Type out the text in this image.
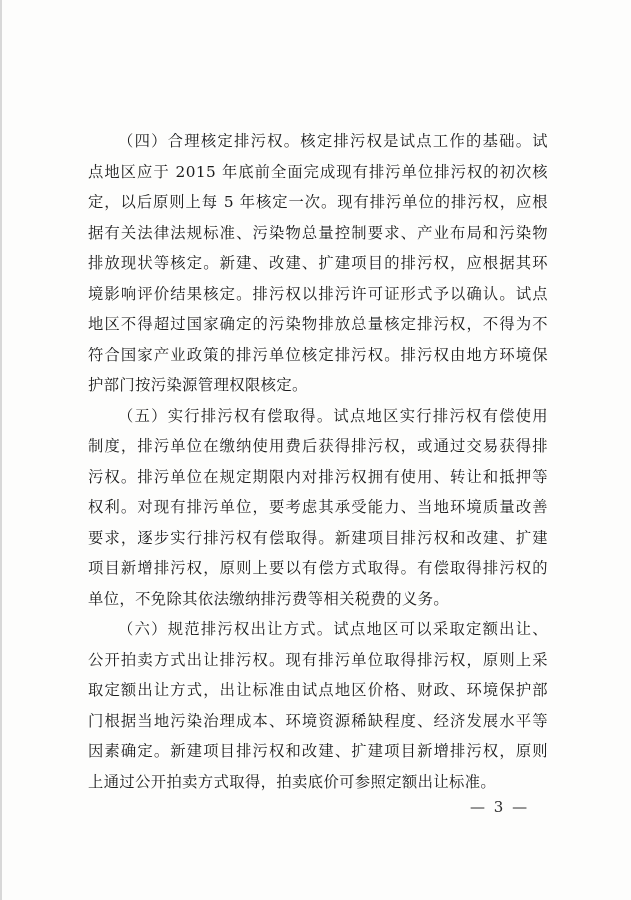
（四）合理核定排污权。核定排污权是试点工作的基础。试
点地区应于 2015 年底前全面完成现有排污单位排污权的初次核
定，以后原则上每 5 年核定一次。现有排污单位的排污权，应根
据有关法律法规标准、污染物总量控制要求、产业布局和污染物
排放现状等核定。新建、改建、扩建项目的排污权，应根据其环
境影响评价结果核定。排污权以排污许可证形式予以确认。试点
地区不得超过国家确定的污染物排放总量核定排污权，不得为不
符合国家产业政策的排污单位核定排污权。排污权由地方环境保
护部门按污染源管理权限核定。
（五）实行排污权有偿取得。试点地区实行排污权有偿使用
制度，排污单位在缴纳使用费后获得排污权，或通过交易获得排
污权。排污单位在规定期限内对排污权拥有使用、转让和抵押等
权利。对现有排污单位，要考虑其承受能力、当地环境质量改善
要求，逐步实行排污权有偿取得。新建项目排污权和改建、扩建
项目新增排污权，原则上要以有偿方式取得。有偿取得排污权的
单位，不免除其依法缴纳排污费等相关税费的义务。
（六）规范排污权出让方式。试点地区可以采取定额出让、
公开拍卖方式出让排污权。现有排污单位取得排污权，原则上采
取定额出让方式，出让标准由试点地区价格、财政、环境保护部
门根据当地污染治理成本、环境资源稀缺程度、经济发展水平等
因素确定。新建项目排污权和改建、扩建项目新增排污权，原则
上通过公开拍卖方式取得，拍卖底价可参照定额出让标准。
— 3 —
